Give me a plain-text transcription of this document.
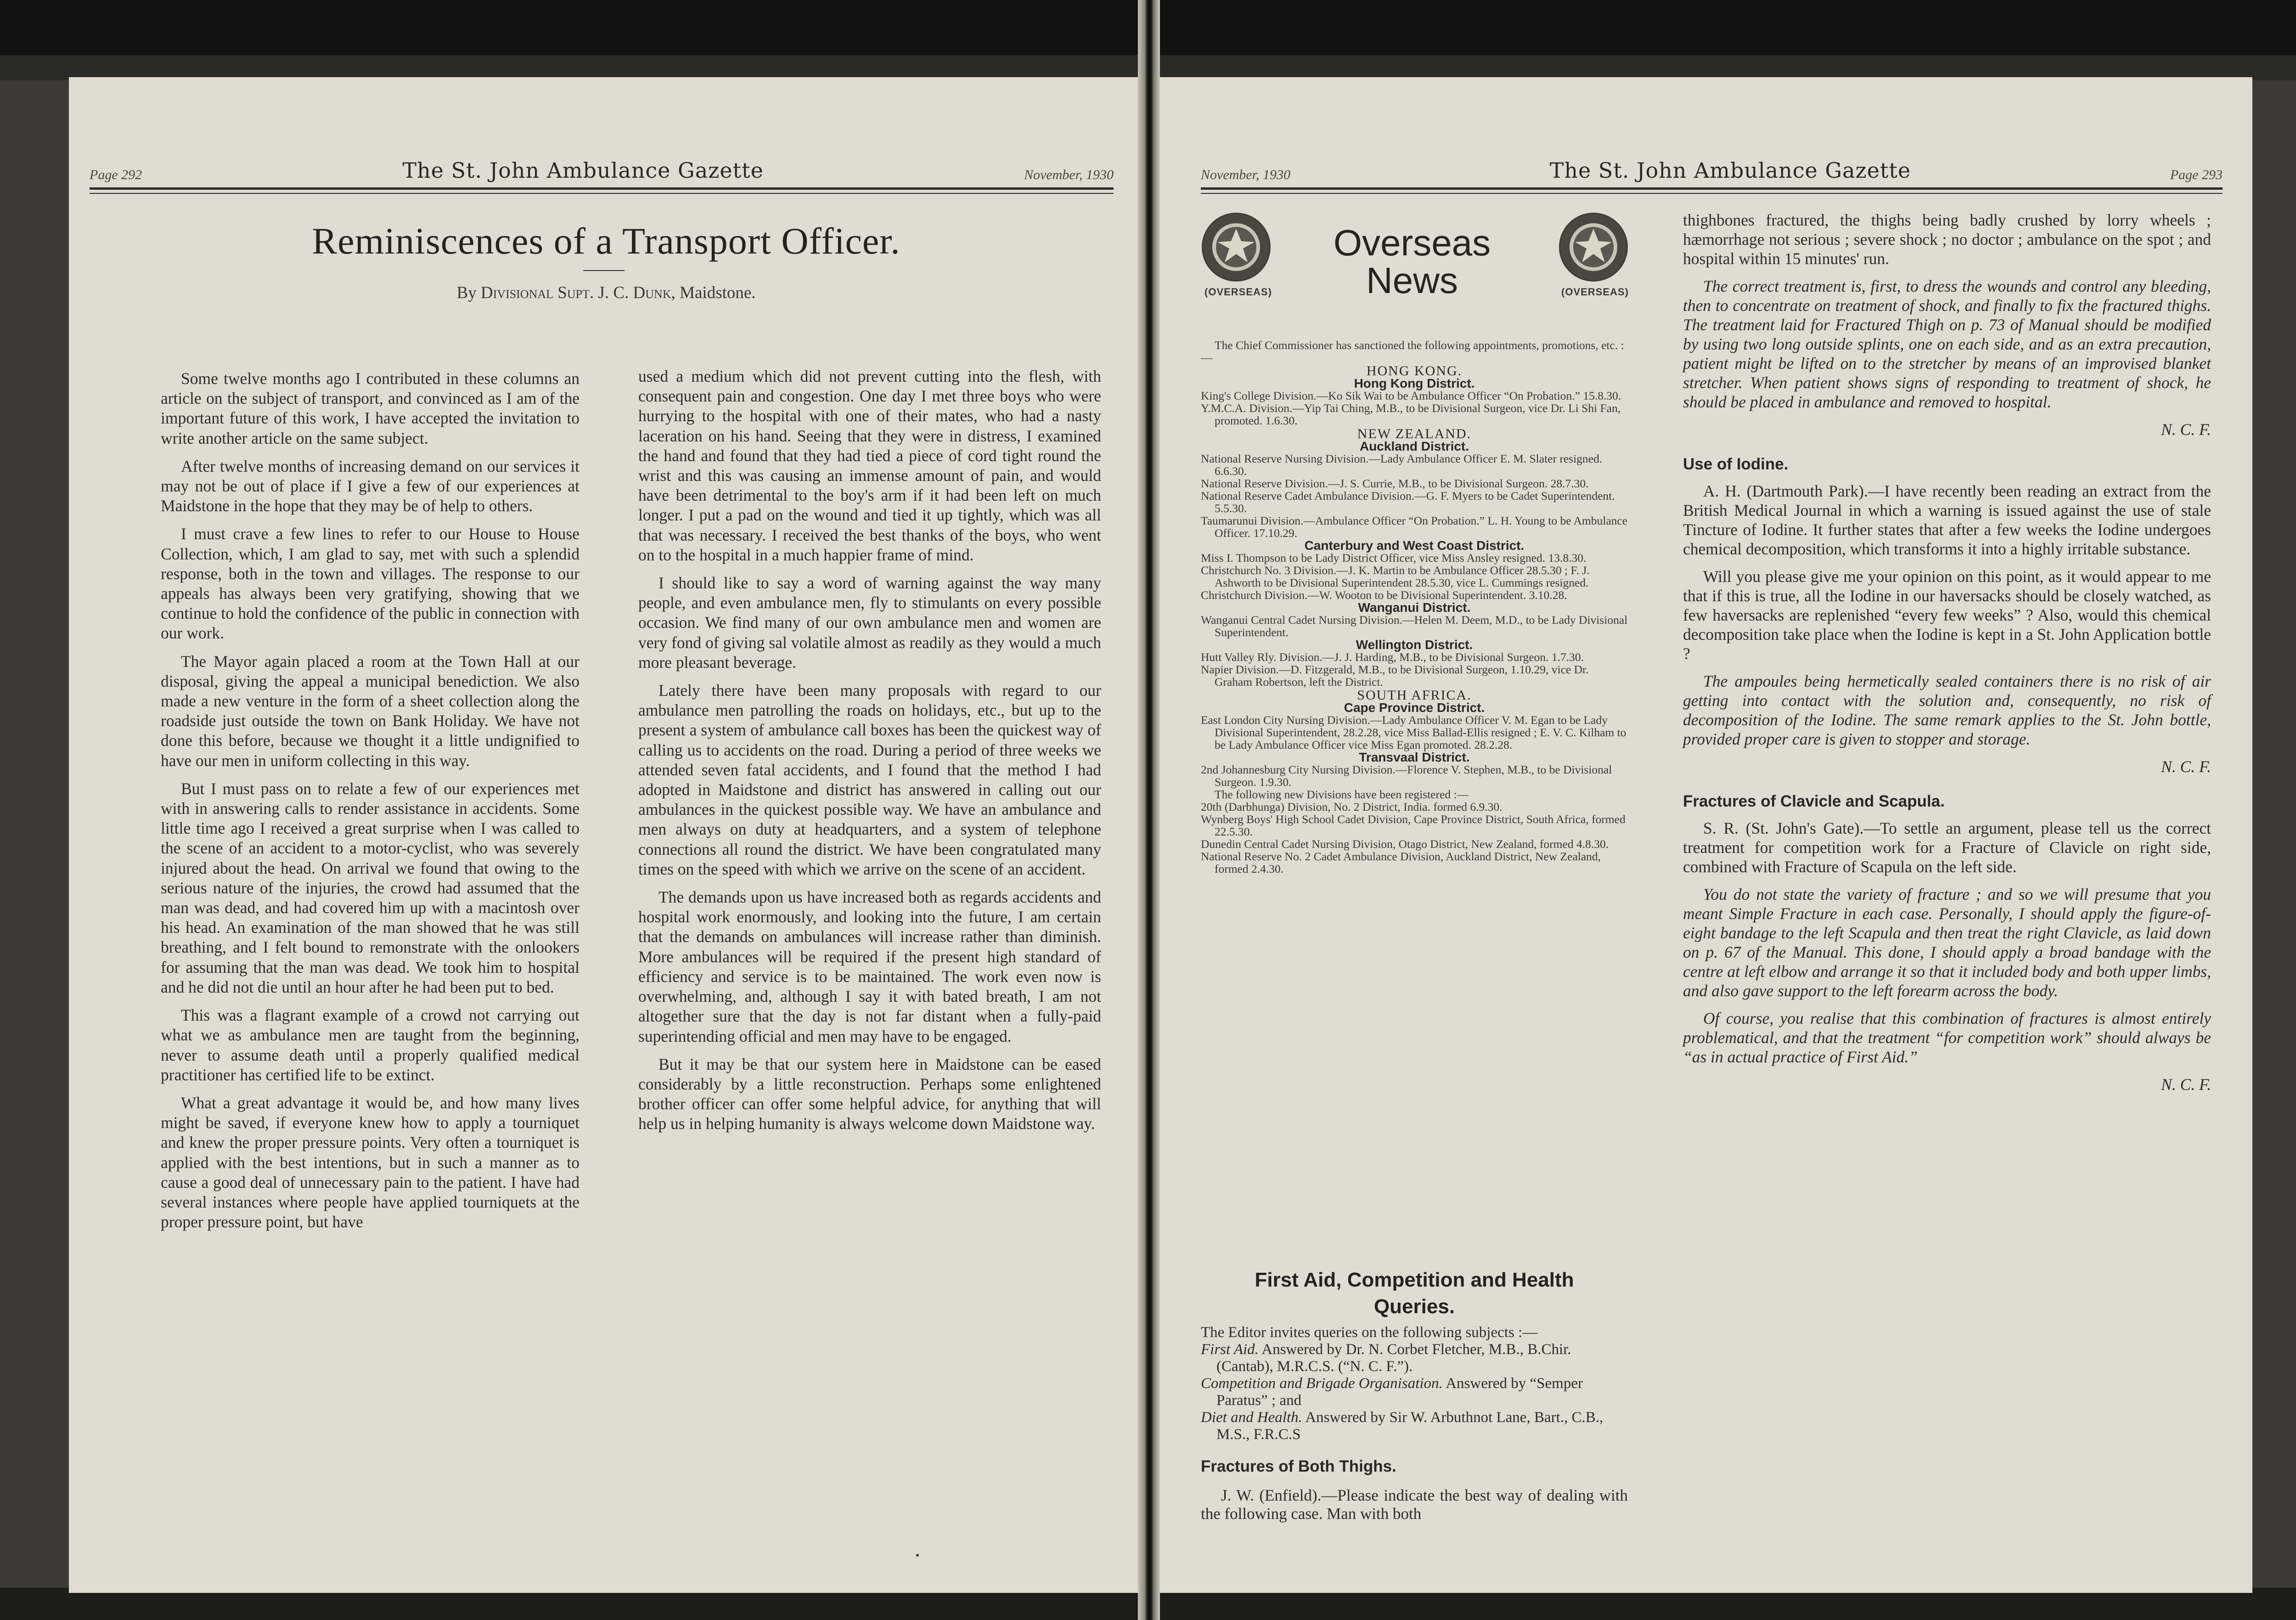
Page 292	The St. John Ambulance Gazette	November, 1930
Reminiscences of a Transport Officer.
By Divisional Supt. J. C. Dunk, Maidstone.

Some twelve months ago I contributed in these columns an article on the subject of transport, and convinced as I am of the important future of this work, I have accepted the invitation to write another article on the same subject.

After twelve months of increasing demand on our services it may not be out of place if I give a few of our experiences at Maidstone in the hope that they may be of help to others.

I must crave a few lines to refer to our House to House Collection, which, I am glad to say, met with such a splendid response, both in the town and villages. The response to our appeals has always been very gratifying, showing that we continue to hold the confidence of the public in connection with our work.

The Mayor again placed a room at the Town Hall at our disposal, giving the appeal a municipal benediction. We also made a new venture in the form of a sheet collection along the roadside just outside the town on Bank Holiday. We have not done this before, because we thought it a little undignified to have our men in uniform collecting in this way.

But I must pass on to relate a few of our experiences met with in answering calls to render assistance in accidents. Some little time ago I received a great surprise when I was called to the scene of an accident to a motor-cyclist, who was severely injured about the head. On arrival we found that owing to the serious nature of the injuries, the crowd had assumed that the man was dead, and had covered him up with a macintosh over his head. An examination of the man showed that he was still breathing, and I felt bound to remonstrate with the onlookers for assuming that the man was dead. We took him to hospital and he did not die until an hour after he had been put to bed.

This was a flagrant example of a crowd not carrying out what we as ambulance men are taught from the beginning, never to assume death until a properly qualified medical practitioner has certified life to be extinct.

What a great advantage it would be, and how many lives might be saved, if everyone knew how to apply a tourniquet and knew the proper pressure points. Very often a tourniquet is applied with the best intentions, but in such a manner as to cause a good deal of unnecessary pain to the patient. I have had several instances where people have applied tourniquets at the proper pressure point, but have

used a medium which did not prevent cutting into the flesh, with consequent pain and congestion. One day I met three boys who were hurrying to the hospital with one of their mates, who had a nasty laceration on his hand. Seeing that they were in distress, I examined the hand and found that they had tied a piece of cord tight round the wrist and this was causing an immense amount of pain, and would have been detrimental to the boy's arm if it had been left on much longer. I put a pad on the wound and tied it up tightly, which was all that was necessary. I received the best thanks of the boys, who went on to the hospital in a much happier frame of mind.

I should like to say a word of warning against the way many people, and even ambulance men, fly to stimulants on every possible occasion. We find many of our own ambulance men and women are very fond of giving sal volatile almost as readily as they would a much more pleasant beverage.

Lately there have been many proposals with regard to our ambulance men patrolling the roads on holidays, etc., but up to the present a system of ambulance call boxes has been the quickest way of calling us to accidents on the road. During a period of three weeks we attended seven fatal accidents, and I found that the method I had adopted in Maidstone and district has answered in calling out our ambulances in the quickest possible way. We have an ambulance and men always on duty at headquarters, and a system of telephone connections all round the district. We have been congratulated many times on the speed with which we arrive on the scene of an accident.

The demands upon us have increased both as regards accidents and hospital work enormously, and looking into the future, I am certain that the demands on ambulances will increase rather than diminish. More ambulances will be required if the present high standard of efficiency and service is to be maintained. The work even now is overwhelming, and, although I say it with bated breath, I am not altogether sure that the day is not far distant when a fully-paid superintending official and men may have to be engaged.

But it may be that our system here in Maidstone can be eased considerably by a little reconstruction. Perhaps some enlightened brother officer can offer some helpful advice, for anything that will help us in helping humanity is always welcome down Maidstone way.

November, 1930	The St. John Ambulance Gazette	Page 293
(OVERSEAS)	(OVERSEAS)
Overseas
News
The Chief Commissioner has sanctioned the following appointments, promotions, etc. :—
HONG KONG.
Hong Kong District.
King's College Division.—Ko Sik Wai to be Ambulance Officer “On Probation.” 15.8.30.
Y.M.C.A. Division.—Yip Tai Ching, M.B., to be Divisional Surgeon, vice Dr. Li Shi Fan, promoted. 1.6.30.
NEW ZEALAND.
Auckland District.
National Reserve Nursing Division.—Lady Ambulance Officer E. M. Slater resigned. 6.6.30.
National Reserve Division.—J. S. Currie, M.B., to be Divisional Surgeon. 28.7.30.
National Reserve Cadet Ambulance Division.—G. F. Myers to be Cadet Superintendent. 5.5.30.
Taumarunui Division.—Ambulance Officer “On Probation.” L. H. Young to be Ambulance Officer. 17.10.29.
Canterbury and West Coast District.
Miss I. Thompson to be Lady District Officer, vice Miss Ansley resigned. 13.8.30.
Christchurch No. 3 Division.—J. K. Martin to be Ambulance Officer 28.5.30 ; F. J. Ashworth to be Divisional Superintendent 28.5.30, vice L. Cummings resigned.
Christchurch Division.—W. Wooton to be Divisional Superintendent. 3.10.28.
Wanganui District.
Wanganui Central Cadet Nursing Division.—Helen M. Deem, M.D., to be Lady Divisional Superintendent.
Wellington District.
Hutt Valley Rly. Division.—J. J. Harding, M.B., to be Divisional Surgeon. 1.7.30.
Napier Division.—D. Fitzgerald, M.B., to be Divisional Surgeon, 1.10.29, vice Dr. Graham Robertson, left the District.
SOUTH AFRICA.
Cape Province District.
East London City Nursing Division.—Lady Ambulance Officer V. M. Egan to be Lady Divisional Superintendent, 28.2.28, vice Miss Ballad-Ellis resigned ; E. V. C. Kilham to be Lady Ambulance Officer vice Miss Egan promoted. 28.2.28.
Transvaal District.
2nd Johannesburg City Nursing Division.—Florence V. Stephen, M.B., to be Divisional Surgeon. 1.9.30.
The following new Divisions have been registered :—
20th (Darbhunga) Division, No. 2 District, India. formed 6.9.30.
Wynberg Boys' High School Cadet Division, Cape Province District, South Africa, formed 22.5.30.
Dunedin Central Cadet Nursing Division, Otago District, New Zealand, formed 4.8.30.
National Reserve No. 2 Cadet Ambulance Division, Auckland District, New Zealand, formed 2.4.30.
First Aid, Competition and Health
Queries.
The Editor invites queries on the following subjects :—
First Aid. Answered by Dr. N. Corbet Fletcher, M.B., B.Chir. (Cantab), M.R.C.S. (“N. C. F.”).
Competition and Brigade Organisation. Answered by “Semper Paratus” ; and
Diet and Health. Answered by Sir W. Arbuthnot Lane, Bart., C.B., M.S., F.R.C.S
Fractures of Both Thighs.

J. W. (Enfield).—Please indicate the best way of dealing with the following case. Man with both

thighbones fractured, the thighs being badly crushed by lorry wheels ; hæmorrhage not serious ; severe shock ; no doctor ; ambulance on the spot ; and hospital within 15 minutes' run.

The correct treatment is, first, to dress the wounds and control any bleeding, then to concentrate on treatment of shock, and finally to fix the fractured thighs. The treatment laid for Fractured Thigh on p. 73 of Manual should be modified by using two long outside splints, one on each side, and as an extra precaution, patient might be lifted on to the stretcher by means of an improvised blanket stretcher. When patient shows signs of responding to treatment of shock, he should be placed in ambulance and removed to hospital.

N. C. F.
Use of Iodine.

A. H. (Dartmouth Park).—I have recently been reading an extract from the British Medical Journal in which a warning is issued against the use of stale Tincture of Iodine. It further states that after a few weeks the Iodine undergoes chemical decomposition, which transforms it into a highly irritable substance.

Will you please give me your opinion on this point, as it would appear to me that if this is true, all the Iodine in our haversacks should be closely watched, as few haversacks are replenished “every few weeks” ? Also, would this chemical decomposition take place when the Iodine is kept in a St. John Application bottle ?

The ampoules being hermetically sealed containers there is no risk of air getting into contact with the solution and, consequently, no risk of decomposition of the Iodine. The same remark applies to the St. John bottle, provided proper care is given to stopper and storage.

N. C. F.
Fractures of Clavicle and Scapula.

S. R. (St. John's Gate).—To settle an argument, please tell us the correct treatment for competition work for a Fracture of Clavicle on right side, combined with Fracture of Scapula on the left side.

You do not state the variety of fracture ; and so we will presume that you meant Simple Fracture in each case. Personally, I should apply the figure-of-eight bandage to the left Scapula and then treat the right Clavicle, as laid down on p. 67 of the Manual. This done, I should apply a broad bandage with the centre at left elbow and arrange it so that it included body and both upper limbs, and also gave support to the left forearm across the body.

Of course, you realise that this combination of fractures is almost entirely problematical, and that the treatment “for competition work” should always be “as in actual practice of First Aid.”

N. C. F.
